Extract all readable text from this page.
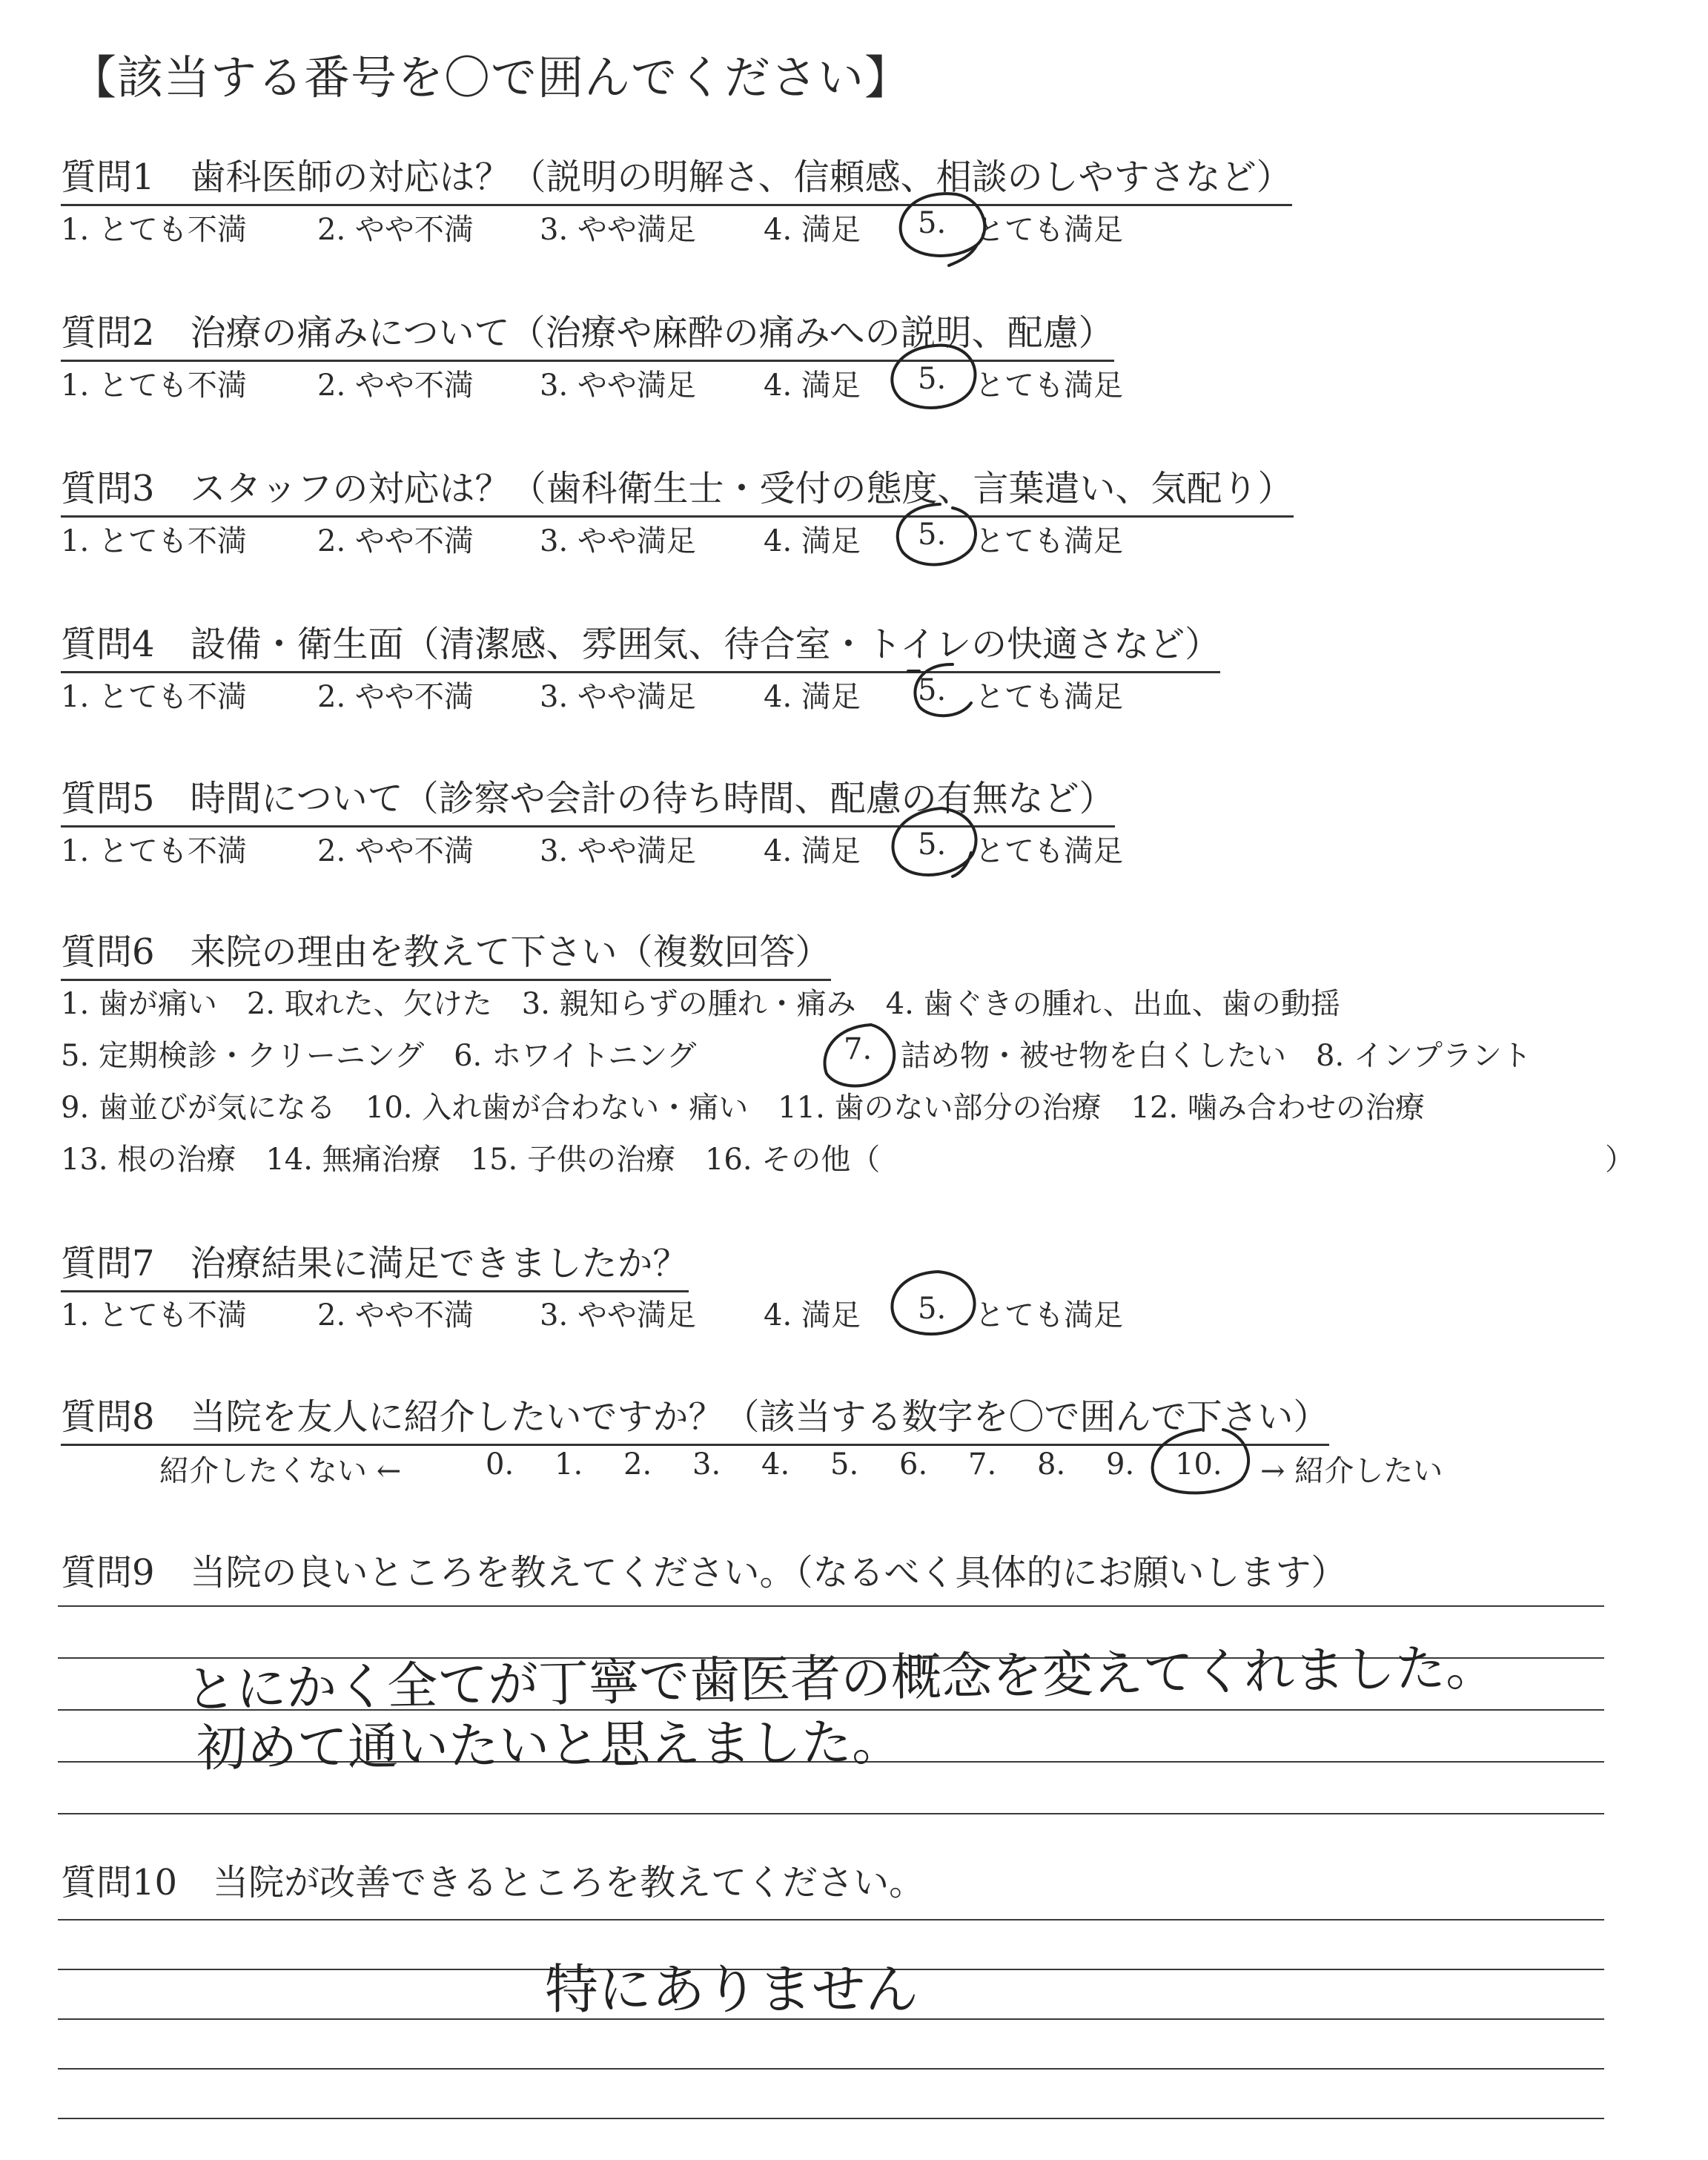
【該当する番号を〇で囲んでください】
質問1　歯科医師の対応は？（説明の明解さ、信頼感、相談のしやすさなど）
1. とても不満 2. やや不満 3. やや満足 4. 満足 5. とても満足
質問2　治療の痛みについて（治療や麻酔の痛みへの説明、配慮）
1. とても不満 2. やや不満 3. やや満足 4. 満足 5. とても満足
質問3　スタッフの対応は？（歯科衛生士・受付の態度、言葉遣い、気配り）
1. とても不満 2. やや不満 3. やや満足 4. 満足 5. とても満足
質問4　設備・衛生面（清潔感、雰囲気、待合室・トイレの快適さなど）
1. とても不満 2. やや不満 3. やや満足 4. 満足 5. とても満足
質問5　時間について（診察や会計の待ち時間、配慮の有無など）
1. とても不満 2. やや不満 3. やや満足 4. 満足 5. とても満足
質問6　来院の理由を教えて下さい（複数回答）
1. 歯が痛い　2. 取れた、欠けた　3. 親知らずの腫れ・痛み　4. 歯ぐきの腫れ、出血、歯の動揺
5. 定期検診・クリーニング　6. ホワイトニング	7. 詰め物・被せ物を白くしたい　8. インプラント
9. 歯並びが気になる　10. 入れ歯が合わない・痛い　11. 歯のない部分の治療　12. 噛み合わせの治療
13. 根の治療　14. 無痛治療　15. 子供の治療　16. その他（	）
質問7　治療結果に満足できましたか？
1. とても不満 2. やや不満 3. やや満足 4. 満足 5. とても満足
質問8　当院を友人に紹介したいですか？（該当する数字を〇で囲んで下さい）
紹介したくない ←	0. 1. 2. 3. 4. 5. 6. 7. 8. 9. 10. → 紹介したい
質問9　当院の良いところを教えてください。（なるべく具体的にお願いします）
とにかく全てが丁寧で歯医者の概念を変えてくれました。
初めて通いたいと思えました。
質問10　当院が改善できるところを教えてください。
特にありません
